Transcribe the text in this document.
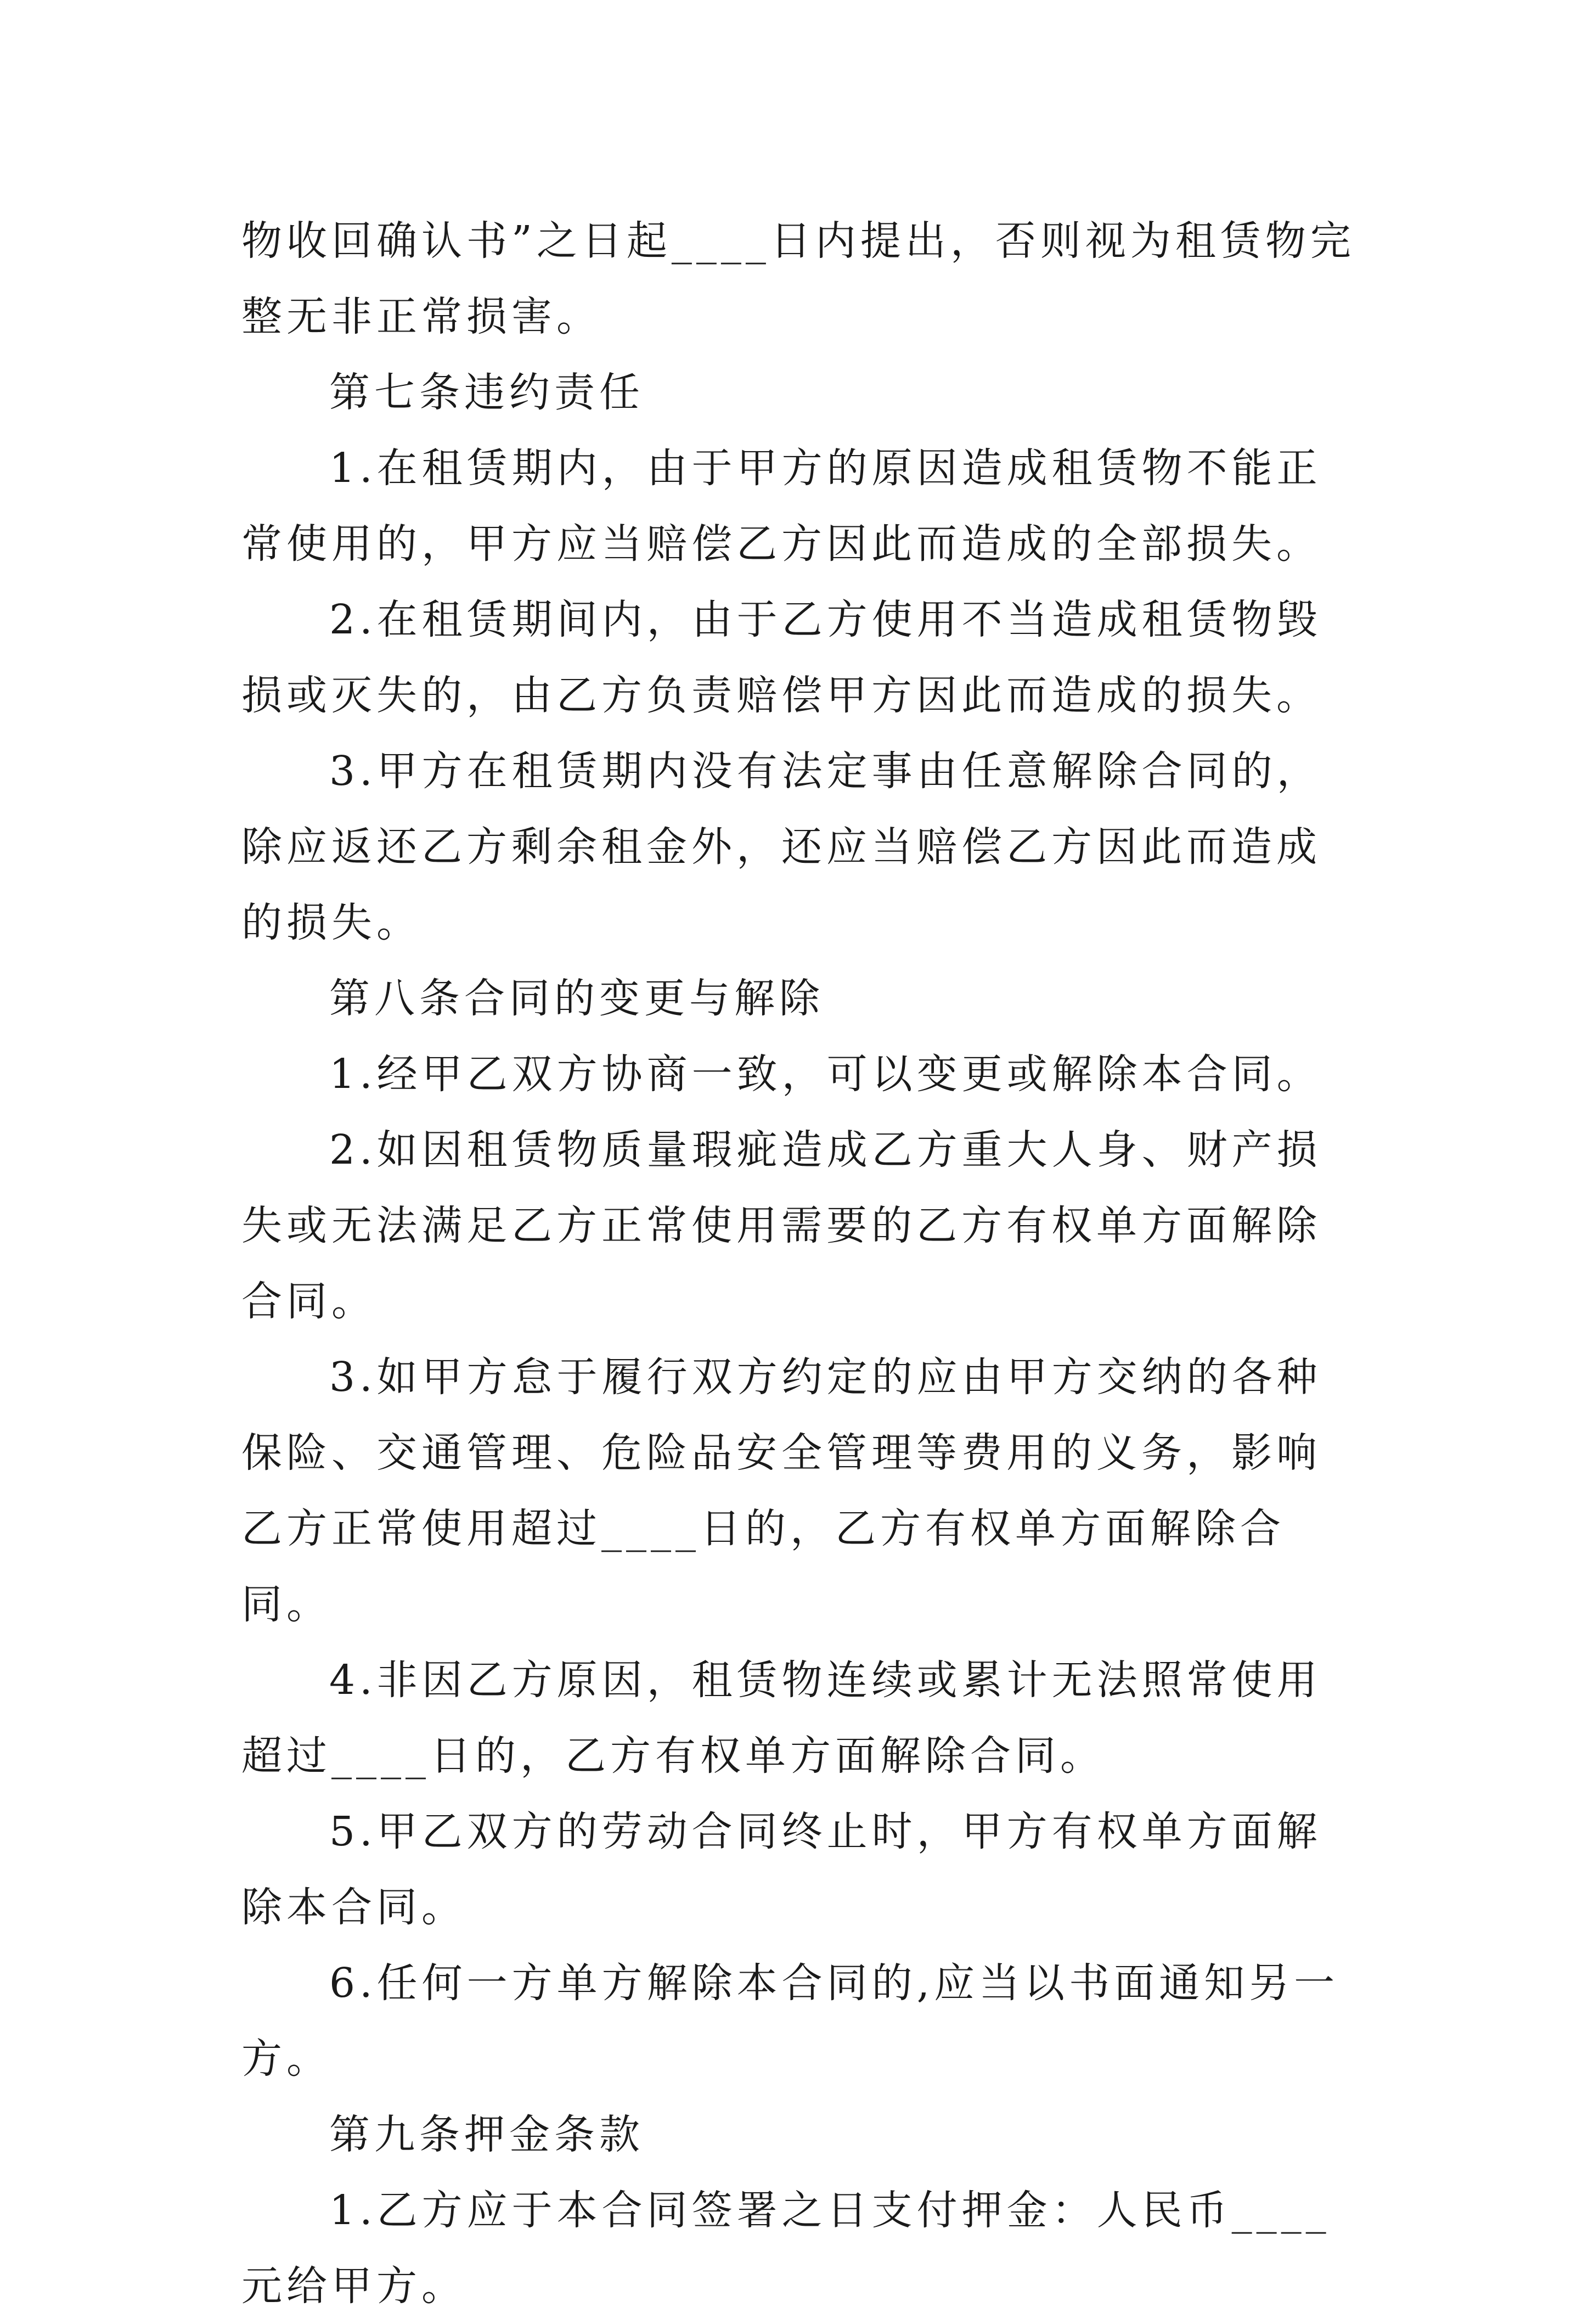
物收回确认书”之日起____日内提出，否则视为租赁物完整无非正常损害。

第七条违约责任

1.在租赁期内，由于甲方的原因造成租赁物不能正常使用的，甲方应当赔偿乙方因此而造成的全部损失。

2.在租赁期间内，由于乙方使用不当造成租赁物毁损或灭失的，由乙方负责赔偿甲方因此而造成的损失。

3.甲方在租赁期内没有法定事由任意解除合同的，除应返还乙方剩余租金外，还应当赔偿乙方因此而造成的损失。

第八条合同的变更与解除

1.经甲乙双方协商一致，可以变更或解除本合同。

2.如因租赁物质量瑕疵造成乙方重大人身、财产损失或无法满足乙方正常使用需要的乙方有权单方面解除合同。

3.如甲方怠于履行双方约定的应由甲方交纳的各种保险、交通管理、危险品安全管理等费用的义务，影响乙方正常使用超过____日的，乙方有权单方面解除合同。

4.非因乙方原因，租赁物连续或累计无法照常使用超过____日的，乙方有权单方面解除合同。

5.甲乙双方的劳动合同终止时，甲方有权单方面解除本合同。

6.任何一方单方解除本合同的,应当以书面通知另一方。

第九条押金条款

1.乙方应于本合同签署之日支付押金：人民币____元给甲方。
